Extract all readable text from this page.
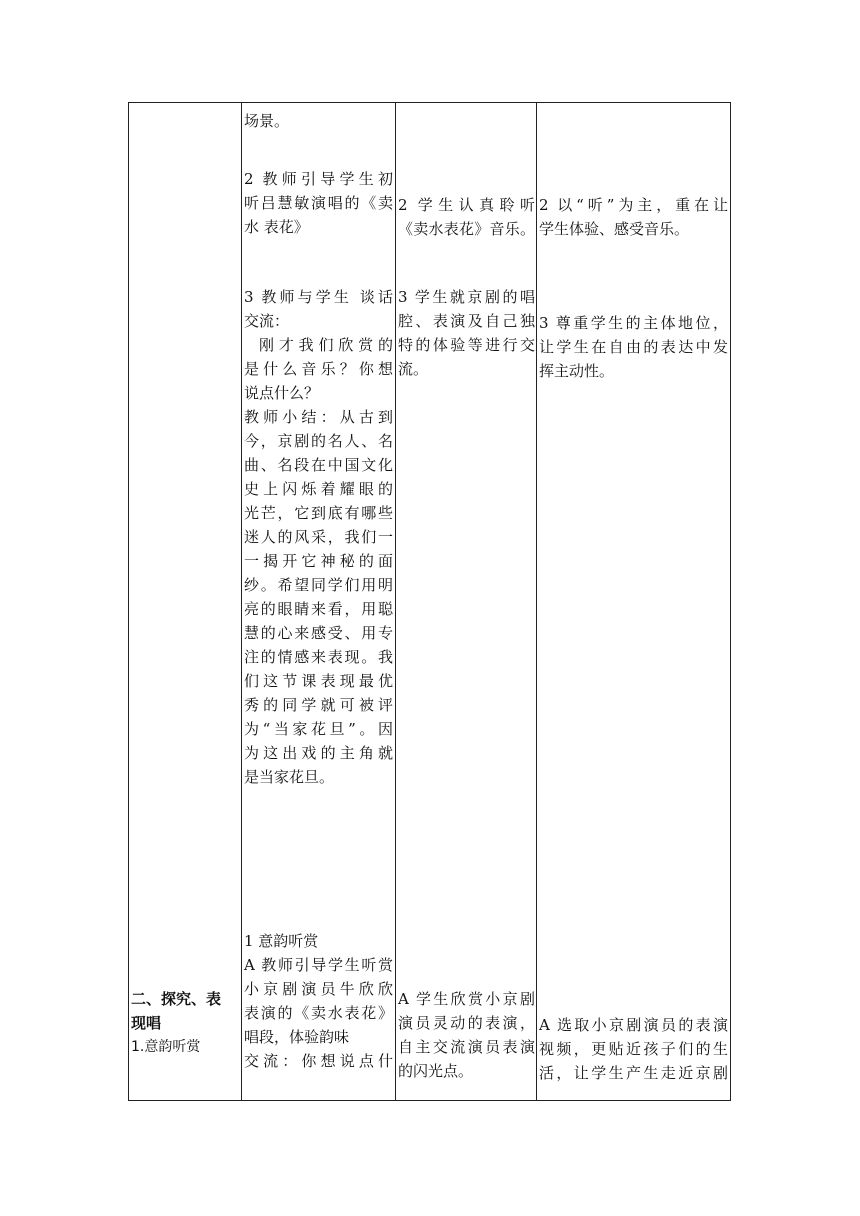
二、探究、表
现唱
1.意韵听赏
场景。
2 教师引导学生初
听吕慧敏演唱的《卖
水 表花》
3 教师与学生 谈话
交流：
刚才我们欣赏的
是什么音乐？你想
说点什么？
教师小结：从古到
今，京剧的名人、名
曲、名段在中国文化
史上闪烁着耀眼的
光芒，它到底有哪些
迷人的风采，我们一
一揭开它神秘的面
纱。希望同学们用明
亮的眼睛来看，用聪
慧的心来感受、用专
注的情感来表现。我
们这节课表现最优
秀的同学就可被评
为“当家花旦”。因
为这出戏的主角就
是当家花旦。
1 意韵听赏
A 教师引导学生听赏
小京剧演员牛欣欣
表演的《卖水表花》
唱段，体验韵味
交流：你想说点什
2 学生认真聆听
《卖水表花》音乐。
3 学生就京剧的唱
腔、表演及自己独
特的体验等进行交
流。
A 学生欣赏小京剧
演员灵动的表演，
自主交流演员表演
的闪光点。
2 以“听”为主，重在让
学生体验、感受音乐。
3 尊重学生的主体地位，
让学生在自由的表达中发
挥主动性。
A 选取小京剧演员的表演
视频，更贴近孩子们的生
活，让学生产生走近京剧
